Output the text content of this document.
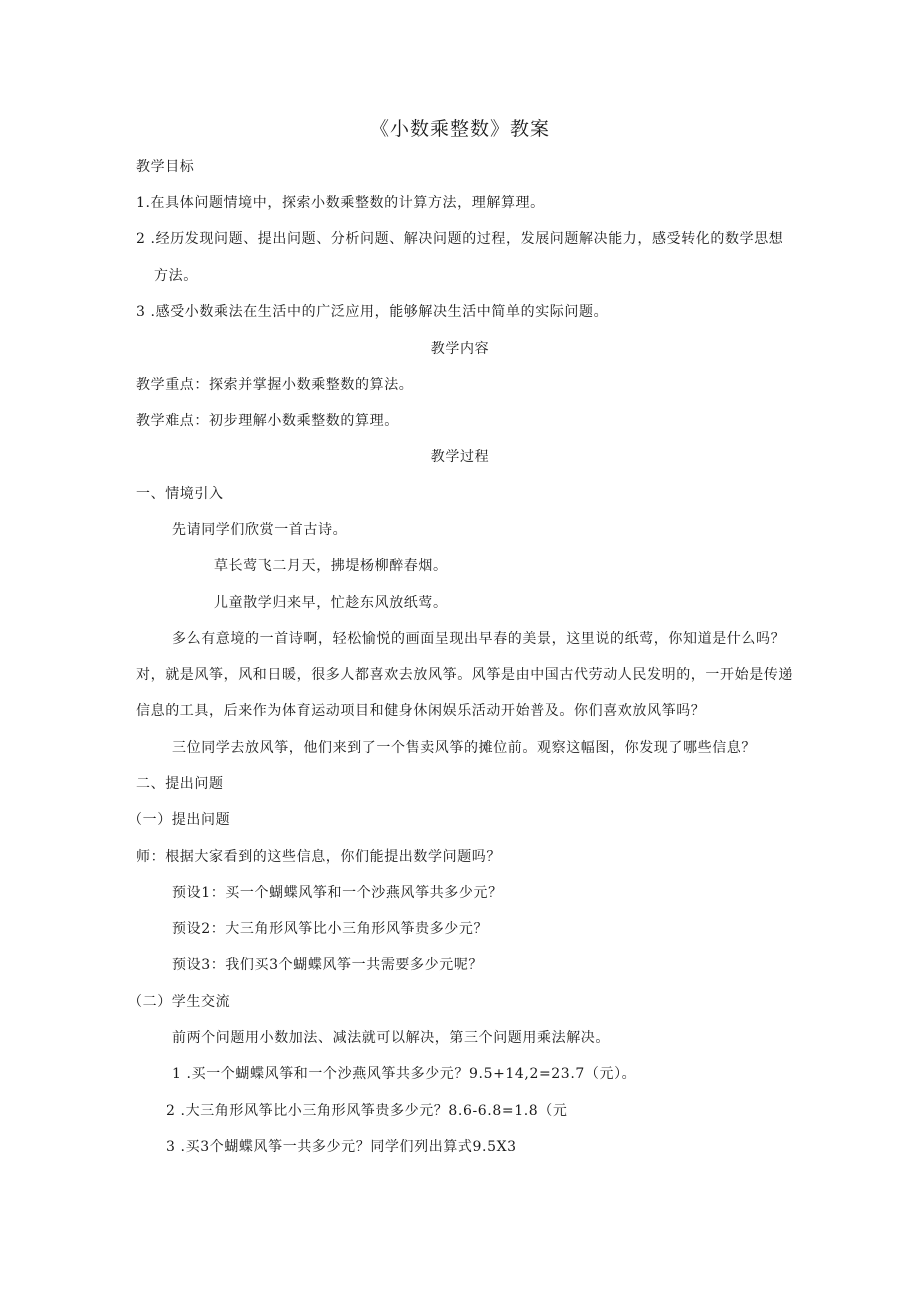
《小数乘整数》教案
教学目标
1.在具体问题情境中，探索小数乘整数的计算方法，理解算理。
2 .经历发现问题、提出问题、分析问题、解决问题的过程，发展问题解决能力，感受转化的数学思想
方法。
3 .感受小数乘法在生活中的广泛应用，能够解决生活中简单的实际问题。
教学内容
教学重点：探索并掌握小数乘整数的算法。
教学难点：初步理解小数乘整数的算理。
教学过程
一、情境引入
先请同学们欣赏一首古诗。
草长莺飞二月天，拂堤杨柳醉春烟。
儿童散学归来早，忙趁东风放纸莺。
多么有意境的一首诗啊，轻松愉悦的画面呈现出早春的美景，这里说的纸莺，你知道是什么吗？
对，就是风筝，风和日暖，很多人都喜欢去放风筝。风筝是由中国古代劳动人民发明的，一开始是传递
信息的工具，后来作为体育运动项目和健身休闲娱乐活动开始普及。你们喜欢放风筝吗？
三位同学去放风筝，他们来到了一个售卖风筝的摊位前。观察这幅图，你发现了哪些信息？
二、提出问题
（一）提出问题
师：根据大家看到的这些信息，你们能提出数学问题吗？
预设1：买一个蝴蝶风筝和一个沙燕风筝共多少元？
预设2：大三角形风筝比小三角形风筝贵多少元？
预设3：我们买3个蝴蝶风筝一共需要多少元呢？
（二）学生交流
前两个问题用小数加法、减法就可以解决，第三个问题用乘法解决。
1 .买一个蝴蝶风筝和一个沙燕风筝共多少元？9.5+14,2=23.7（元）。
2 .大三角形风筝比小三角形风筝贵多少元？8.6-6.8=1.8（元
3 .买3个蝴蝶风筝一共多少元？同学们列出算式9.5X3
